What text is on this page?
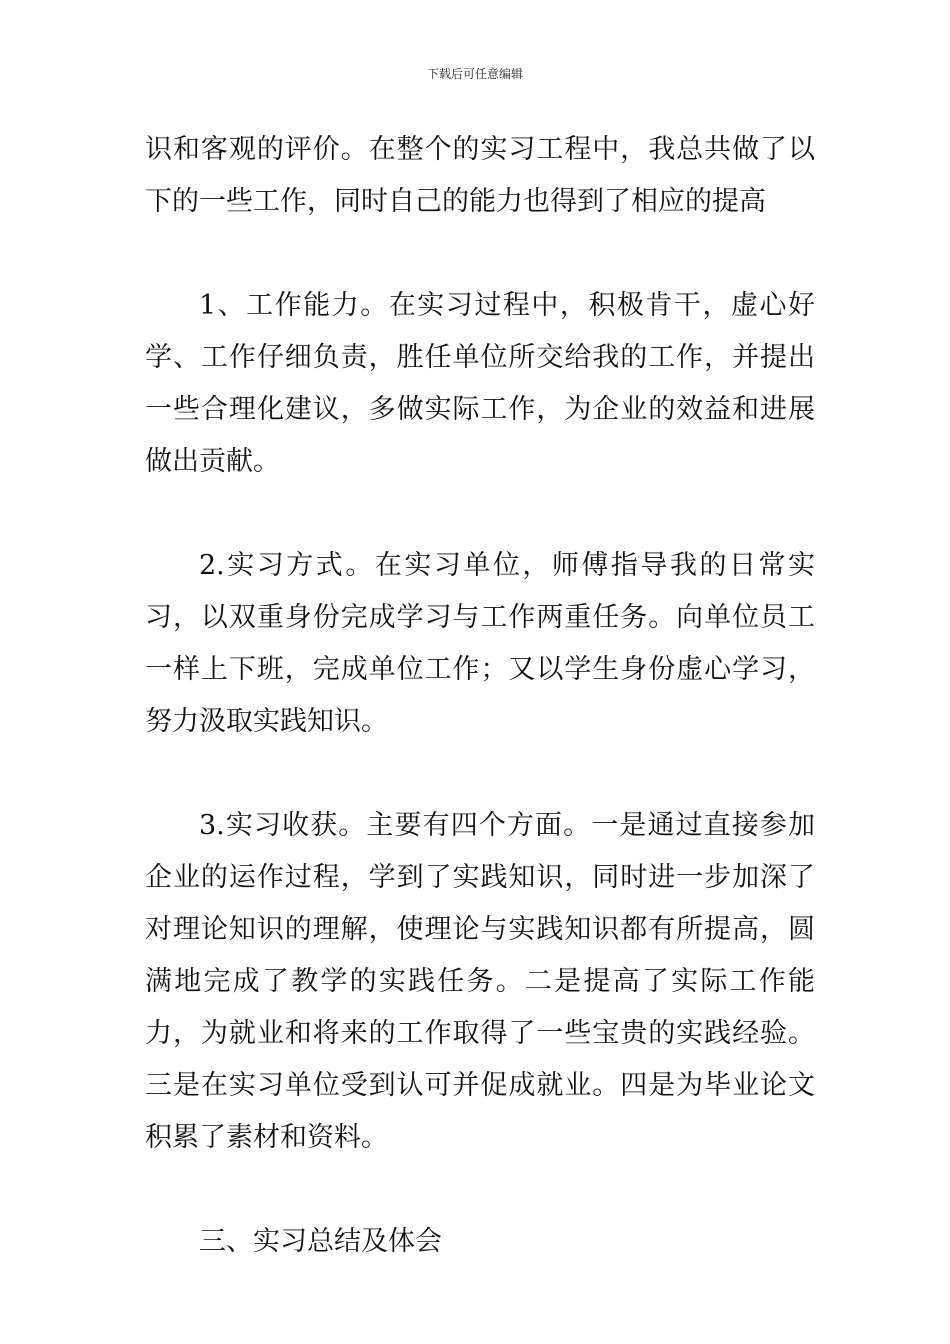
下载后可任意编辑

识和客观的评价。在整个的实习工程中，我总共做了以下的一些工作，同时自己的能力也得到了相应的提高

1、工作能力。在实习过程中，积极肯干，虚心好学、工作仔细负责，胜任单位所交给我的工作，并提出一些合理化建议，多做实际工作，为企业的效益和进展做出贡献。

2.实习方式。在实习单位，师傅指导我的日常实习，以双重身份完成学习与工作两重任务。向单位员工一样上下班，完成单位工作；又以学生身份虚心学习，努力汲取实践知识。

3.实习收获。主要有四个方面。一是通过直接参加企业的运作过程，学到了实践知识，同时进一步加深了对理论知识的理解，使理论与实践知识都有所提高，圆满地完成了教学的实践任务。二是提高了实际工作能力，为就业和将来的工作取得了一些宝贵的实践经验。三是在实习单位受到认可并促成就业。四是为毕业论文积累了素材和资料。

三、实习总结及体会
